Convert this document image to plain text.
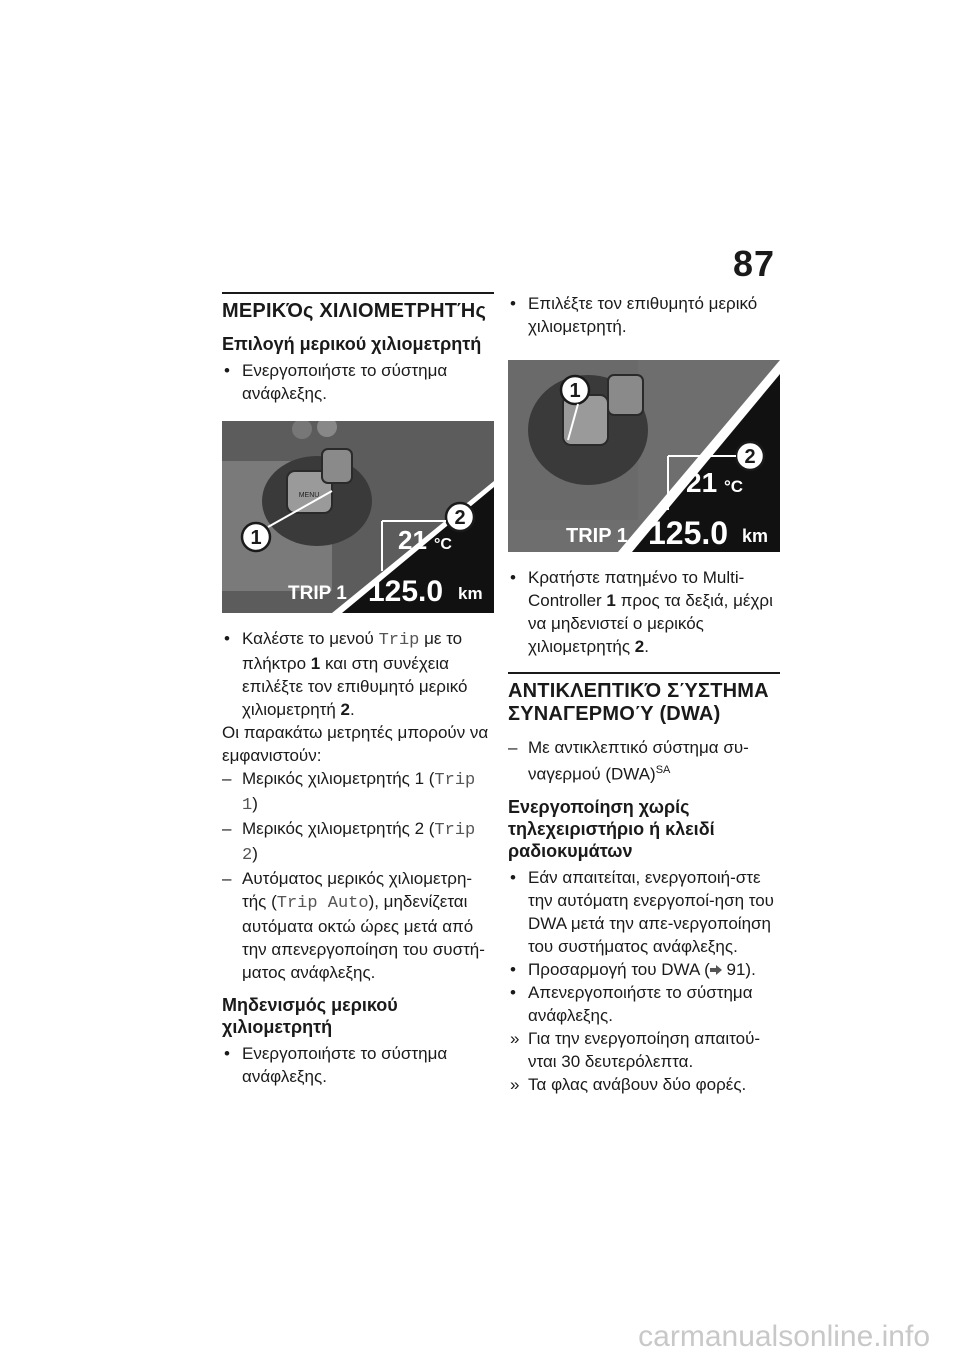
87
ΜΕΡΙΚΌς ΧΙΛΙΟΜΕΤΡΗΤΉς
Επιλογή μερικού χιλιομετρητή

• Ενεργοποιήστε το σύστημα ανάφλεξης.

MENU
1
2
21 °C
TRIP 1 125.0 km

• Καλέστε το μενού Trip με το πλήκτρο 1 και στη συνέχεια επιλέξτε τον επιθυμητό μερικό χιλιομετρητή 2.

Οι παρακάτω μετρητές μπορούν να εμφανιστούν:

– Μερικός χιλιομετρητής 1 (Trip 1)

– Μερικός χιλιομετρητής 2 (Trip 2)

– Αυτόματος μερικός χιλιομετρη-τής (Trip Auto), μηδενίζεται αυτόματα οκτώ ώρες μετά από την απενεργοποίηση του συστή-ματος ανάφλεξης.

Μηδενισμός μερικού χιλιομετρητή

• Ενεργοποιήστε το σύστημα ανάφλεξης.

• Επιλέξτε τον επιθυμητό μερικό χιλιομετρητή.

1
2
21 °C
TRIP 1 125.0 km

• Κρατήστε πατημένο το Multi-Controller 1 προς τα δεξιά, μέχρι να μηδενιστεί ο μερικός χιλιομετρητής 2.

ΑΝΤΙΚΛΕΠΤΙΚΌ ΣΎΣΤΗΜΑ ΣΥΝΑΓΕΡΜΟΎ (DWA)

– Με αντικλεπτικό σύστημα συ-ναγερμού (DWA)$^{SA}$

Ενεργοποίηση χωρίς τηλεχειριστήριο ή κλειδί ραδιοκυμάτων

• Εάν απαιτείται, ενεργοποιή-στε την αυτόματη ενεργοποί-ηση του DWA μετά την απε-νεργοποίηση του συστήματος ανάφλεξης.

• Προσαρμογή του DWA ( 91).

• Απενεργοποιήστε το σύστημα ανάφλεξης.

» Για την ενεργοποίηση απαιτού-νται 30 δευτερόλεπτα.

» Τα φλας ανάβουν δύο φορές.

carmanualsonline.info
